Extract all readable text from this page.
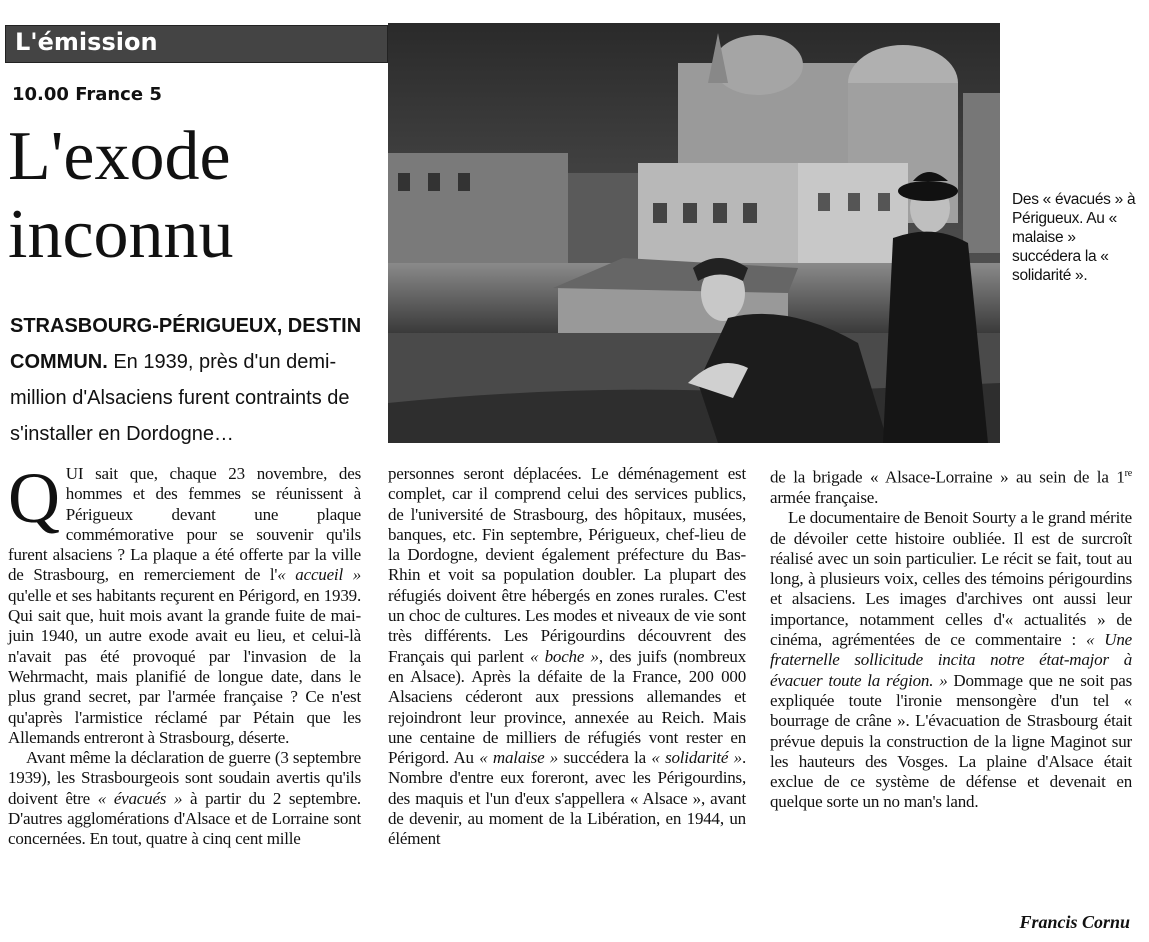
L'émission
10.00 France 5
L'exode
inconnu
STRASBOURG-PÉRIGUEUX, DESTIN COMMUN. En 1939, près d'un demi-million d'Alsaciens furent contraints de s'installer en Dordogne…
Des « évacués » à Périgueux. Au « malaise » succédera la « solidarité ».

QUI sait que, chaque 23 novembre, des hommes et des femmes se réunissent à Périgueux devant une plaque commémorative pour se souvenir qu'ils furent alsaciens ? La plaque a été offerte par la ville de Strasbourg, en remerciement de l'« accueil » qu'elle et ses habitants reçurent en Périgord, en 1939. Qui sait que, huit mois avant la grande fuite de mai-juin 1940, un autre exode avait eu lieu, et celui-là n'avait pas été provoqué par l'invasion de la Wehrmacht, mais planifié de longue date, dans le plus grand secret, par l'armée française ? Ce n'est qu'après l'armistice réclamé par Pétain que les Allemands entreront à Strasbourg, déserte.

Avant même la déclaration de guerre (3 septembre 1939), les Strasbourgeois sont soudain avertis qu'ils doivent être « évacués » à partir du 2 septembre. D'autres agglomérations d'Alsace et de Lorraine sont concernées. En tout, quatre à cinq cent mille

personnes seront déplacées. Le déménagement est complet, car il comprend celui des services publics, de l'université de Strasbourg, des hôpitaux, musées, banques, etc. Fin septembre, Périgueux, chef-lieu de la Dordogne, devient également préfecture du Bas-Rhin et voit sa population doubler. La plupart des réfugiés doivent être hébergés en zones rurales. C'est un choc de cultures. Les modes et niveaux de vie sont très différents. Les Périgourdins découvrent des Français qui parlent « boche », des juifs (nombreux en Alsace). Après la défaite de la France, 200 000 Alsaciens céderont aux pressions allemandes et rejoindront leur province, annexée au Reich. Mais une centaine de milliers de réfugiés vont rester en Périgord. Au « malaise » succédera la « solidarité ». Nombre d'entre eux foreront, avec les Périgourdins, des maquis et l'un d'eux s'appellera « Alsace », avant de devenir, au moment de la Libération, en 1944, un élément

de la brigade « Alsace-Lorraine » au sein de la 1re armée française.

Le documentaire de Benoit Sourty a le grand mérite de dévoiler cette histoire oubliée. Il est de surcroît réalisé avec un soin particulier. Le récit se fait, tout au long, à plusieurs voix, celles des témoins périgourdins et alsaciens. Les images d'archives ont aussi leur importance, notamment celles d'« actualités » de cinéma, agrémentées de ce commentaire : « Une fraternelle sollicitude incita notre état-major à évacuer toute la région. » Dommage que ne soit pas expliquée toute l'ironie mensongère d'un tel « bourrage de crâne ». L'évacuation de Strasbourg était prévue depuis la construction de la ligne Maginot sur les hauteurs des Vosges. La plaine d'Alsace était exclue de ce système de défense et devenait en quelque sorte un no man's land.

Francis Cornu
